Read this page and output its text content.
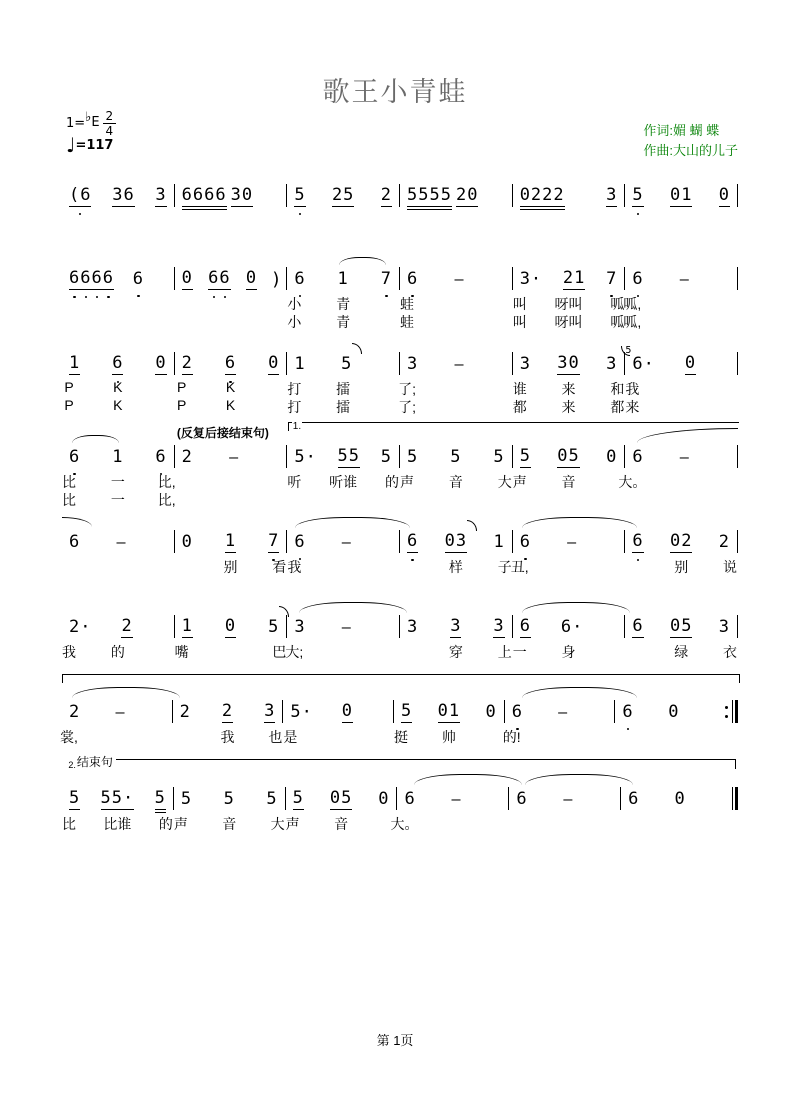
歌王小青蛙
1= ♭ E $\frac{2}{4}$
♩ =117
作词:媚 蝴 蝶
作曲:大山的儿子
(6 36 3 6666 30 5 25 2 5555 20 0222 3 5 01 0
6666 6 0 66 0 ) 6 1 7
小 青
小 青
6 –
蛙
蛙
3· 21 7
叫 呀叫 呱
叫 呀叫 呱
6 –
呱,
呱,
1 6 0
P	K
P	K
2 6 0
P	K
P	K
1 5
打 擂
打 擂
3 –
了;
了;
3 30 3
谁 来 和
都 来 都
6·
5
0
我
来
(反复后接结束句) 1.
6 1 6
比 一 比,
比 一 比,
2 –	5· 55 5
听 听谁 的
5 5 5
声 音 大
5 05 0
声 音
6 –
大。
6 –	0 1 7
别 看
6 –
我
6 03 1
样 子
6 –
丑,
6 02 2
别 说
2· 2
我 的
1 0 5
嘴	巴
3 –
大;
3 3 3
穿 上
6 6·
一 身
6 05 3
绿 衣
2 –
裳,
2 2 3
我 也
5· 0
是
5 01 0
挺 帅
6 –
的!
6 0
2.结束句
5 55· 5
比 比谁 的
5 5 5
声 音 大
5 05 0
声 音
6 –
大。
6 –	6 0
第 1页
